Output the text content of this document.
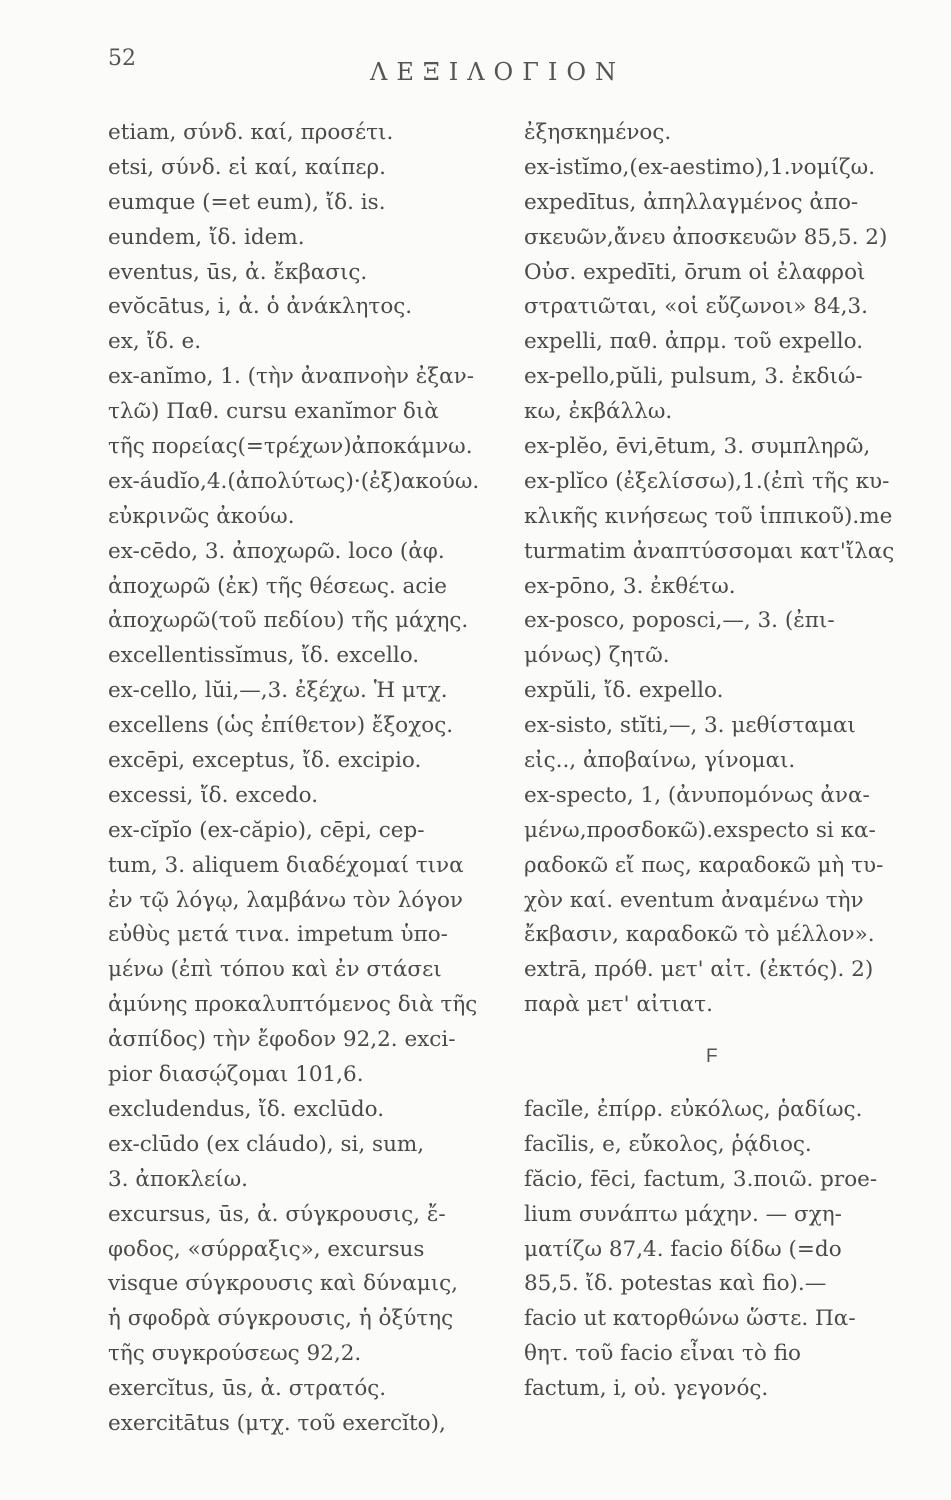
52	ΛΕΞΙΛΟΓΙΟΝ
etiam, σύνδ. καί, προσέτι.
etsi, σύνδ. εἰ καί, καίπερ.
eumque (=et eum), ἴδ. is.
eundem, ἴδ. idem.
eventus, ūs, ἀ. ἔκβασις.
evŏcātus, i, ἀ. ὁ ἀνάκλητος.
ex, ἴδ. e.
ex-anĭmo, 1. (τὴν ἀναπνοὴν ἐξαν-
τλῶ) Παθ. cursu exanĭmor διὰ
τῆς πορείας(=τρέχων)ἀποκάμνω.
ex-áudĭo,4.(ἀπολύτως)·(ἐξ)ακούω.
εὐκρινῶς ἀκούω.
ex-cēdo, 3. ἀποχωρῶ. loco (ἀφ.
ἀποχωρῶ (ἐκ) τῆς θέσεως. acie
ἀποχωρῶ(τοῦ πεδίου) τῆς μάχης.
excellentissĭmus, ἴδ. excello.
ex-cello, lŭi,—,3. ἐξέχω. Ἡ μτχ.
excellens (ὡς ἐπίθετον) ἔξοχος.
excēpi, exceptus, ἴδ. excipio.
excessi, ἴδ. excedo.
ex-cĭpĭo (ex-căpio), cēpi, cep-
tum, 3. aliquem διαδέχομαί τινα
ἐν τῷ λόγῳ, λαμβάνω τὸν λόγον
εὐθὺς μετά τινα. impetum ὑπο-
μένω (ἐπὶ τόπου καὶ ἐν στάσει
ἀμύνης προκαλυπτόμενος διὰ τῆς
ἀσπίδος) τὴν ἔφοδον 92,2. exci-
pior διασῴζομαι 101,6.
excludendus, ἴδ. exclūdo.
ex-clūdo (ex cláudo), si, sum,
3. ἀποκλείω.
excursus, ūs, ἀ. σύγκρουσις, ἔ-
φοδος, «σύρραξις», excursus
visque σύγκρουσις καὶ δύναμις,
ἡ σφοδρὰ σύγκρουσις, ἡ ὀξύτης
τῆς συγκρούσεως 92,2.
exercĭtus, ūs, ἀ. στρατός.
exercitātus (μτχ. τοῦ exercĭto),
ἐξησκημένος.
ex-istĭmo,(ex-aestimo),1.νομίζω.
expedītus, ἀπηλλαγμένος ἀπο-
σκευῶν,ἄνευ ἀποσκευῶν 85,5. 2)
Οὐσ. expedīti, ōrum οἱ ἐλαφροὶ
στρατιῶται, «οἱ εὔζωνοι» 84,3.
expelli, παθ. ἀπρμ. τοῦ expello.
ex-pello,pŭli, pulsum, 3. ἐκδιώ-
κω, ἐκβάλλω.
ex-plĕo, ēvi,ētum, 3. συμπληρῶ,
ex-plĭco (ἐξελίσσω),1.(ἐπὶ τῆς κυ-
κλικῆς κινήσεως τοῦ ἱππικοῦ).me
turmatim ἀναπτύσσομαι κατ'ἴλας
ex-pōno, 3. ἐκθέτω.
ex-posco, poposci,—, 3. (ἐπι-
μόνως) ζητῶ.
expŭli, ἴδ. expello.
ex-sisto, stĭti,—, 3. μεθίσταμαι
εἰς.., ἀποβαίνω, γίνομαι.
ex-specto, 1, (ἀνυπομόνως ἀνα-
μένω,προσδοκῶ).exspecto si κα-
ραδοκῶ εἴ πως, καραδοκῶ μὴ τυ-
χὸν καί. eventum ἀναμένω τὴν
ἔκβασιν, καραδοκῶ τὸ μέλλον».
extrā, πρόθ. μετ' αἰτ. (ἐκτός). 2)
παρὰ μετ' αἰτιατ.
F
facĭle, ἐπίρρ. εὐκόλως, ῥαδίως.
facĭlis, e, εὔκολος, ῥᾴδιος.
făcio, fēci, factum, 3.ποιῶ. proe-
lium συνάπτω μάχην. — σχη-
ματίζω 87,4. facio δίδω (=do
85,5. ἴδ. potestas καὶ fio).—
facio ut κατορθώνω ὥστε. Πα-
θητ. τοῦ facio εἶναι τὸ fio
factum, i, οὐ. γεγονός.
